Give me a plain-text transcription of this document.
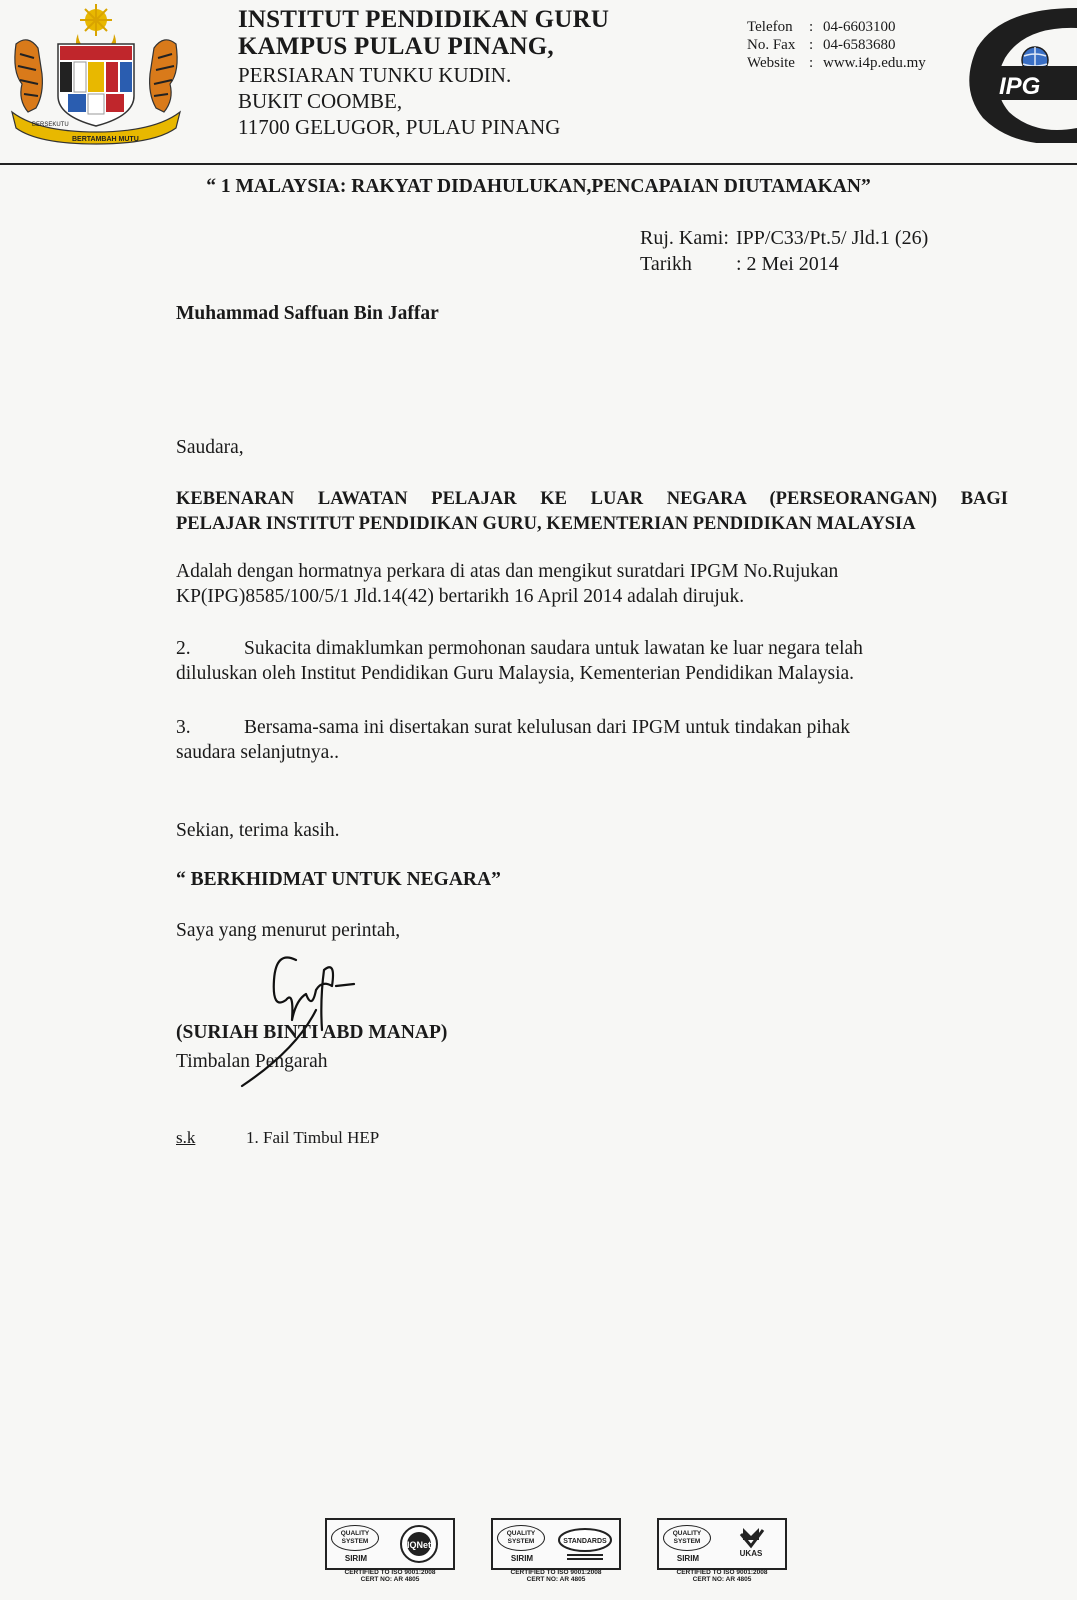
BERSEKUTU
BERTAMBAH MUTU
INSTITUT PENDIDIKAN GURU
KAMPUS PULAU PINANG,
PERSIARAN TUNKU KUDIN.
BUKIT COOMBE,
11700 GELUGOR, PULAU PINANG
Telefon	: 04-6603100
No. Fax : 04-6583680
Website : www.i4p.edu.my
IPG
“ 1 MALAYSIA: RAKYAT DIDAHULUKAN,PENCAPAIAN DIUTAMAKAN”
Ruj. Kami: IPP/C33/Pt.5/ Jld.1 (26)
Tarikh	: 2 Mei 2014
Muhammad Saffuan Bin Jaffar
Saudara,
KEBENARAN LAWATAN PELAJAR KE LUAR NEGARA (PERSEORANGAN) BAGI
PELAJAR INSTITUT PENDIDIKAN GURU, KEMENTERIAN PENDIDIKAN MALAYSIA
Adalah dengan hormatnya perkara di atas dan mengikut suratdari IPGM No.Rujukan
KP(IPG)8585/100/5/1 Jld.14(42) bertarikh 16 April 2014 adalah dirujuk.
2.	Sukacita dimaklumkan permohonan saudara untuk lawatan ke luar negara telah
diluluskan oleh Institut Pendidikan Guru Malaysia, Kementerian Pendidikan Malaysia.
3.	Bersama-sama ini disertakan surat kelulusan dari IPGM untuk tindakan pihak
saudara selanjutnya..
Sekian, terima kasih.
“ BERKHIDMAT UNTUK NEGARA”
Saya yang menurut perintah,
(SURIAH BINTI ABD MANAP)
Timbalan Pengarah
s.k	1. Fail Timbul HEP
QUALITY SYSTEM
SIRIM
IQNet
CERTIFIED TO ISO 9001:2008
CERT NO: AR 4805
QUALITY SYSTEM
SIRIM
STANDARDS
CERTIFIED TO ISO 9001:2008
CERT NO: AR 4805
QUALITY SYSTEM
SIRIM
UKAS
CERTIFIED TO ISO 9001:2008
CERT NO: AR 4805
